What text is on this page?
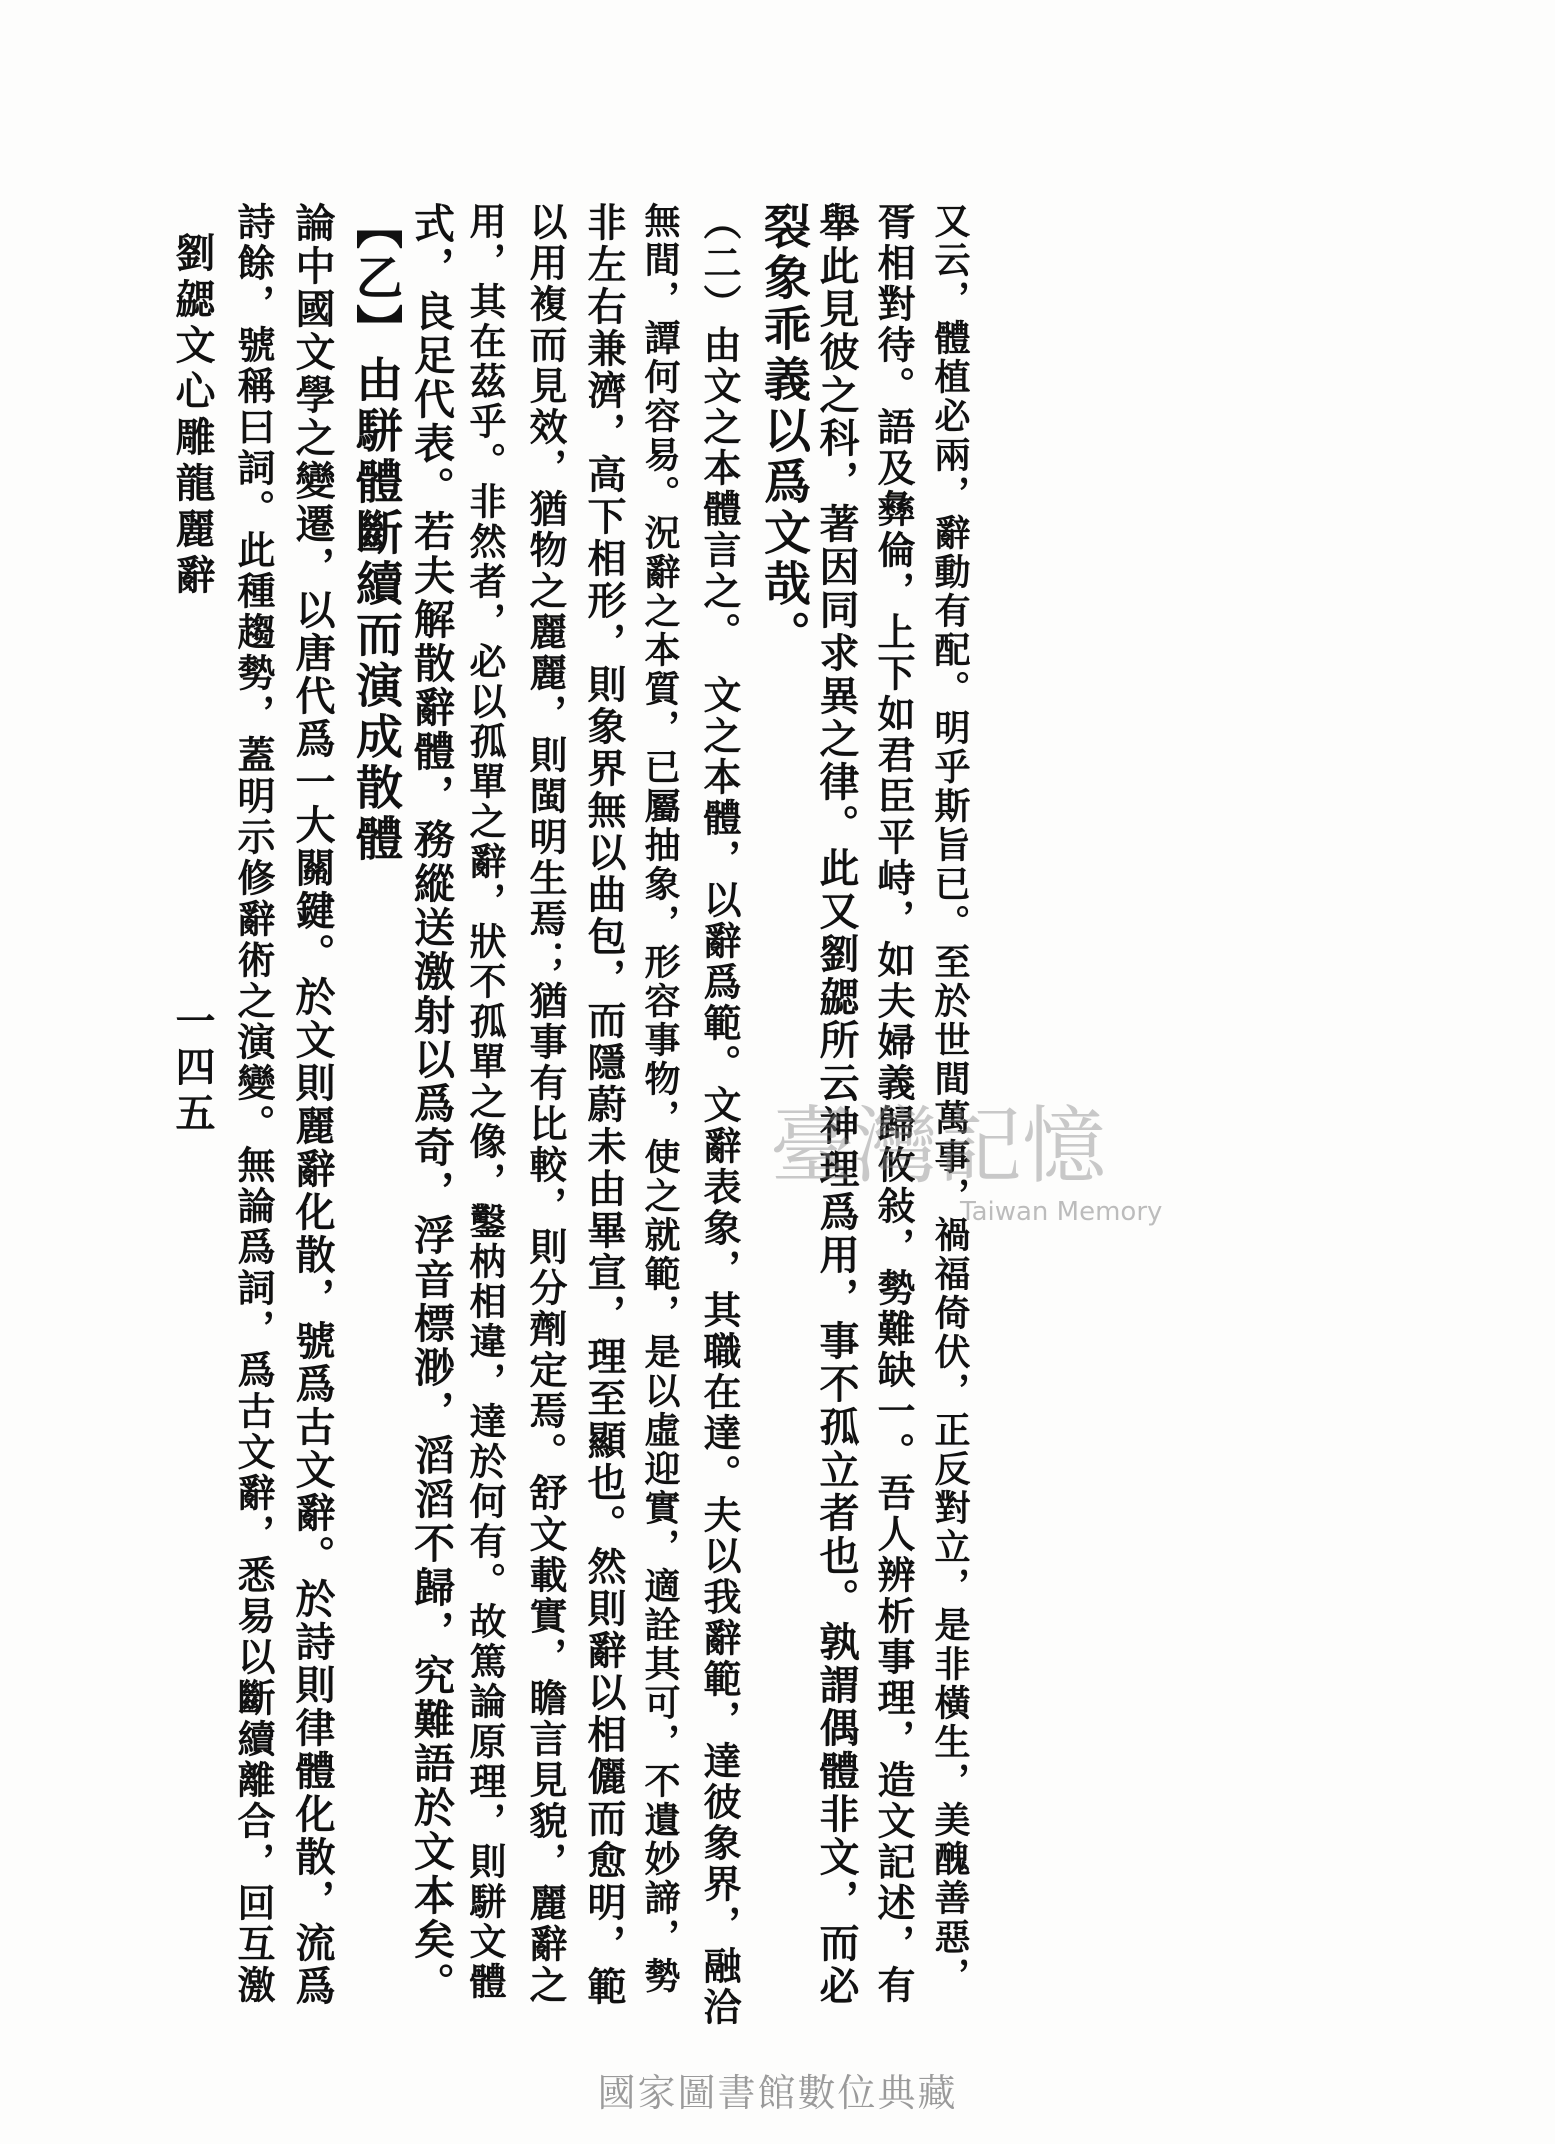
又云，體植必兩，辭動有配。明乎斯旨已。至於世間萬事，禍福倚伏，正反對立，是非橫生，美醜善惡，
胥相對待。語及彝倫，上下如君臣平峙，如夫婦義歸攸敍，勢難缺一。吾人辨析事理，造文記述，有
舉此見彼之科，著因同求異之律。此又劉勰所云神理爲用，事不孤立者也。孰謂偶體非文，而必
裂象乖義以爲文哉。
（二）由文之本體言之。　文之本體，以辭爲範。文辭表象，其職在達。夫以我辭範，達彼象界，融洽
無間，譚何容易。況辭之本質，已屬抽象，形容事物，使之就範，是以虛迎實，適詮其可，不遺妙諦，勢
非左右兼濟，高下相形，則象界無以曲包，而隱蔚未由畢宣，理至顯也。然則辭以相儷而愈明，範
以用複而見效，猶物之麗麗，則閩明生焉；猶事有比較，則分劑定焉。舒文載實，瞻言見貌，麗辭之
用，其在茲乎。非然者，必以孤單之辭，狀不孤單之像，鑿枘相違，達於何有。故篤論原理，則駢文體
式，良足代表。若夫解散辭體，務縱送激射以爲奇，浮音標渺，滔滔不歸，究難語於文本矣。
【乙】由駢體斷續而演成散體
論中國文學之變遷，以唐代爲一大關鍵。於文則麗辭化散，號爲古文辭。於詩則律體化散，流爲
詩餘，號稱曰詞。此種趨勢，蓋明示修辭術之演變。無論爲詞，爲古文辭，悉易以斷續離合，回互激
劉勰文心雕龍麗辭
一四五
臺灣記憶
Taiwan Memory
國家圖書館數位典藏
